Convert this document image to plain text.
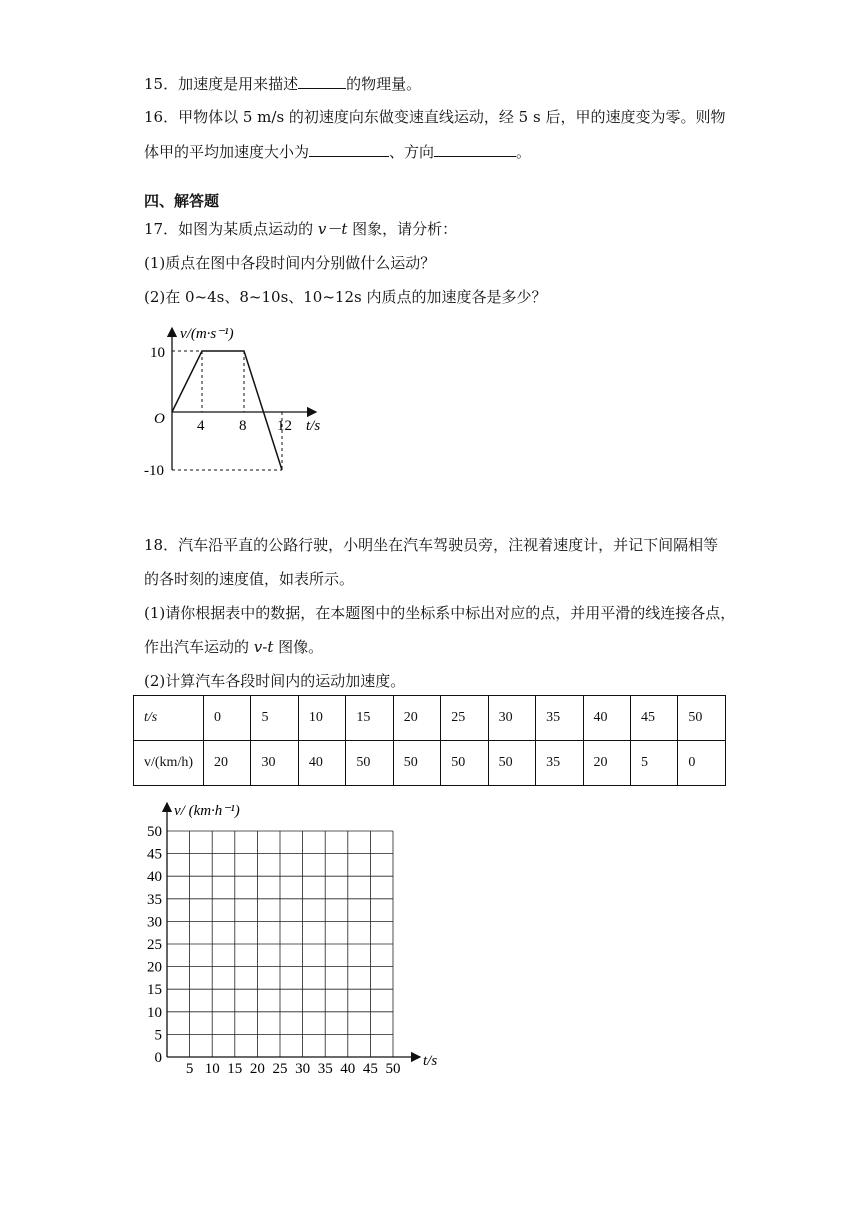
15．加速度是用来描述	的物理量。
16．甲物体以 5 m/s 的初速度向东做变速直线运动，经 5 s 后，甲的速度变为零。则物
体甲的平均加速度大小为	、方向	。
四、解答题
17．如图为某质点运动的 v－t 图象，请分析：
(1)质点在图中各段时间内分别做什么运动？
(2)在 0~4s、8~10s、10~12s 内质点的加速度各是多少？
v/(m·s⁻¹)
t/s
O
10
-10
4 8 12
18．汽车沿平直的公路行驶，小明坐在汽车驾驶员旁，注视着速度计，并记下间隔相等
的各时刻的速度值，如表所示。
(1)请你根据表中的数据，在本题图中的坐标系中标出对应的点，并用平滑的线连接各点，
作出汽车运动的 v-t 图像。
(2)计算汽车各段时间内的运动加速度。
t/s	0	5	10	15	20	25	30	35	40	45	50
v/(km/h)	20	30	40	50	50	50	50	35	20	5	0
v/ (km·h⁻¹)
t/s
50
45
40
35
30
25
20
15
10
5
0
5 10 15 20 25 30 35 40 45 50
